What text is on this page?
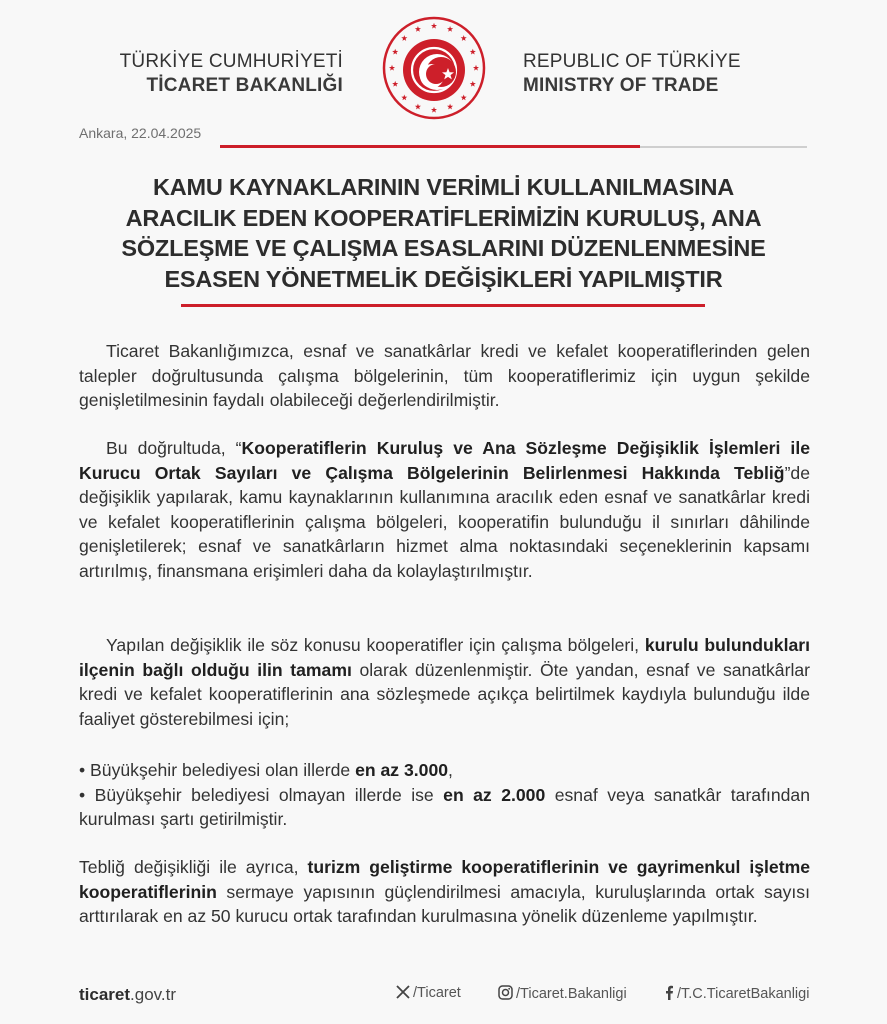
TÜRKİYE CUMHURİYETİ
TİCARET BAKANLIĞI
REPUBLIC OF TÜRKİYE
MINISTRY OF TRADE
Ankara, 22.04.2025
KAMU KAYNAKLARININ VERİMLİ KULLANILMASINA
ARACILIK EDEN KOOPERATİFLERİMİZİN KURULUŞ, ANA
SÖZLEŞME VE ÇALIŞMA ESASLARINI DÜZENLENMESİNE
ESASEN YÖNETMELİK DEĞİŞİKLERİ YAPILMIŞTIR

Ticaret Bakanlığımızca, esnaf ve sanatkârlar kredi ve kefalet kooperatiflerinden gelen talepler doğrultusunda çalışma bölgelerinin, tüm kooperatiflerimiz için uygun şekilde genişletilmesinin faydalı olabileceği değerlendirilmiştir.

Bu doğrultuda, “Kooperatiflerin Kuruluş ve Ana Sözleşme Değişiklik İşlemleri ile Kurucu Ortak Sayıları ve Çalışma Bölgelerinin Belirlenmesi Hakkında Tebliğ”de değişiklik yapılarak, kamu kaynaklarının kullanımına aracılık eden esnaf ve sanatkârlar kredi ve kefalet kooperatiflerinin çalışma bölgeleri, kooperatifin bulunduğu il sınırları dâhilinde genişletilerek; esnaf ve sanatkârların hizmet alma noktasındaki seçeneklerinin kapsamı artırılmış, finansmana erişimleri daha da kolaylaştırılmıştır.

Yapılan değişiklik ile söz konusu kooperatifler için çalışma bölgeleri, kurulu bulundukları ilçenin bağlı olduğu ilin tamamı olarak düzenlenmiştir. Öte yandan, esnaf ve sanatkârlar kredi ve kefalet kooperatiflerinin ana sözleşmede açıkça belirtilmek kaydıyla bulunduğu ilde faaliyet gösterebilmesi için;

• Büyükşehir belediyesi olan illerde en az 3.000,
• Büyükşehir belediyesi olmayan illerde ise en az 2.000 esnaf veya sanatkâr tarafından kurulması şartı getirilmiştir.

Tebliğ değişikliği ile ayrıca, turizm geliştirme kooperatiflerinin ve gayrimenkul işletme kooperatiflerinin sermaye yapısının güçlendirilmesi amacıyla, kuruluşlarında ortak sayısı arttırılarak en az 50 kurucu ortak tarafından kurulmasına yönelik düzenleme yapılmıştır.

ticaret.gov.tr	/Ticaret	/Ticaret.Bakanligi	/T.C.TicaretBakanligi
